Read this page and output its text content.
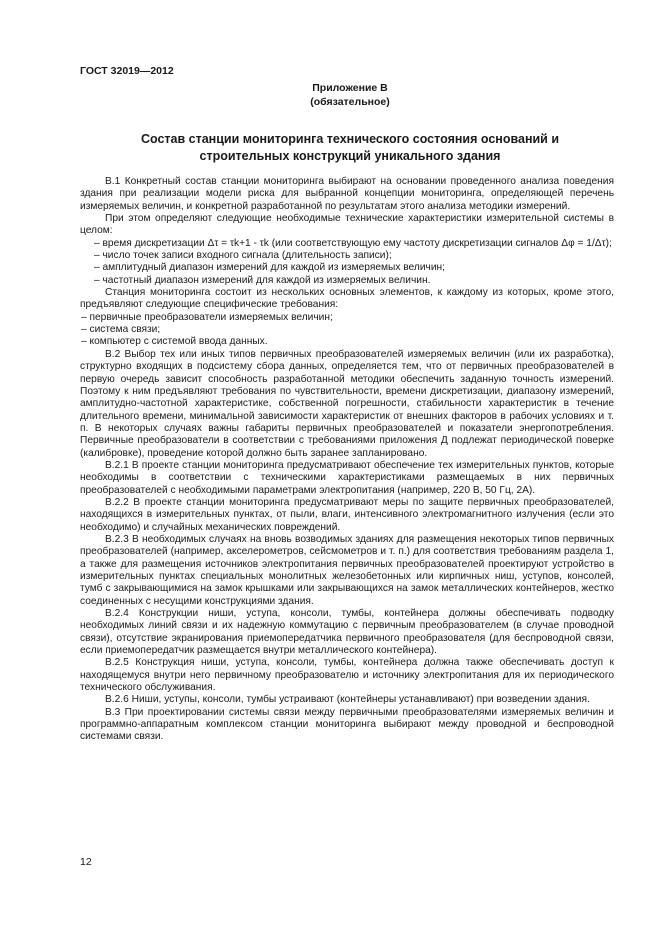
ГОСТ 32019—2012
Приложение В
(обязательное)
Состав станции мониторинга технического состояния оснований и
строительных конструкций уникального здания

В.1 Конкретный состав станции мониторинга выбирают на основании проведенного анализа поведения здания при реализации модели риска для выбранной концепции мониторинга, определяющей перечень измеряемых величин, и конкретной разработанной по результатам этого анализа методики измерений.

При этом определяют следующие необходимые технические характеристики измерительной системы в целом:

– время дискретизации Δτ = τk+1 - τk (или соответствующую ему частоту дискретизации сигналов Δφ = 1/Δτ);

– число точек записи входного сигнала (длительность записи);

– амплитудный диапазон измерений для каждой из измеряемых величин;

– частотный диапазон измерений для каждой из измеряемых величин.

Станция мониторинга состоит из нескольких основных элементов, к каждому из которых, кроме этого, предъявляют следующие специфические требования:

– первичные преобразователи измеряемых величин;

– система связи;

– компьютер с системой ввода данных.

В.2 Выбор тех или иных типов первичных преобразователей измеряемых величин (или их разработка), структурно входящих в подсистему сбора данных, определяется тем, что от первичных преобразователей в первую очередь зависит способность разработанной методики обеспечить заданную точность измерений. Поэтому к ним предъявляют требования по чувствительности, времени дискретизации, диапазону измерений, амплитудно-частотной характеристике, собственной погрешности, стабильности характеристик в течение длительного времени, минимальной зависимости характеристик от внешних факторов в рабочих условиях и т. п. В некоторых случаях важны габариты первичных преобразователей и показатели энергопотребления. Первичные преобразователи в соответствии с требованиями приложения Д подлежат периодической поверке (калибровке), проведение которой должно быть заранее запланировано.

В.2.1 В проекте станции мониторинга предусматривают обеспечение тех измерительных пунктов, которые необходимы в соответствии с техническими характеристиками размещаемых в них первичных преобразователей с необходимыми параметрами электропитания (например, 220 В, 50 Гц, 2А).

В.2.2 В проекте станции мониторинга предусматривают меры по защите первичных преобразователей, находящихся в измерительных пунктах, от пыли, влаги, интенсивного электромагнитного излучения (если это необходимо) и случайных механических повреждений.

В.2.3 В необходимых случаях на вновь возводимых зданиях для размещения некоторых типов первичных преобразователей (например, акселерометров, сейсмометров и т. п.) для соответствия требованиям раздела 1, а также для размещения источников электропитания первичных преобразователей проектируют устройство в измерительных пунктах специальных монолитных железобетонных или кирпичных ниш, уступов, консолей, тумб с закрывающимися на замок крышками или закрывающихся на замок металлических контейнеров, жестко соединенных с несущими конструкциями здания.

В.2.4 Конструкции ниши, уступа, консоли, тумбы, контейнера должны обеспечивать подводку необходимых линий связи и их надежную коммутацию с первичным преобразователем (в случае проводной связи), отсутствие экранирования приемопередатчика первичного преобразователя (для беспроводной связи, если приемопередатчик размещается внутри металлического контейнера).

В.2.5 Конструкция ниши, уступа, консоли, тумбы, контейнера должна также обеспечивать доступ к находящемуся внутри него первичному преобразователю и источнику электропитания для их периодического технического обслуживания.

В.2.6 Ниши, уступы, консоли, тумбы устраивают (контейнеры устанавливают) при возведении здания.

В.3 При проектировании системы связи между первичными преобразователями измеряемых величин и программно-аппаратным комплексом станции мониторинга выбирают между проводной и беспроводной системами связи.

12
